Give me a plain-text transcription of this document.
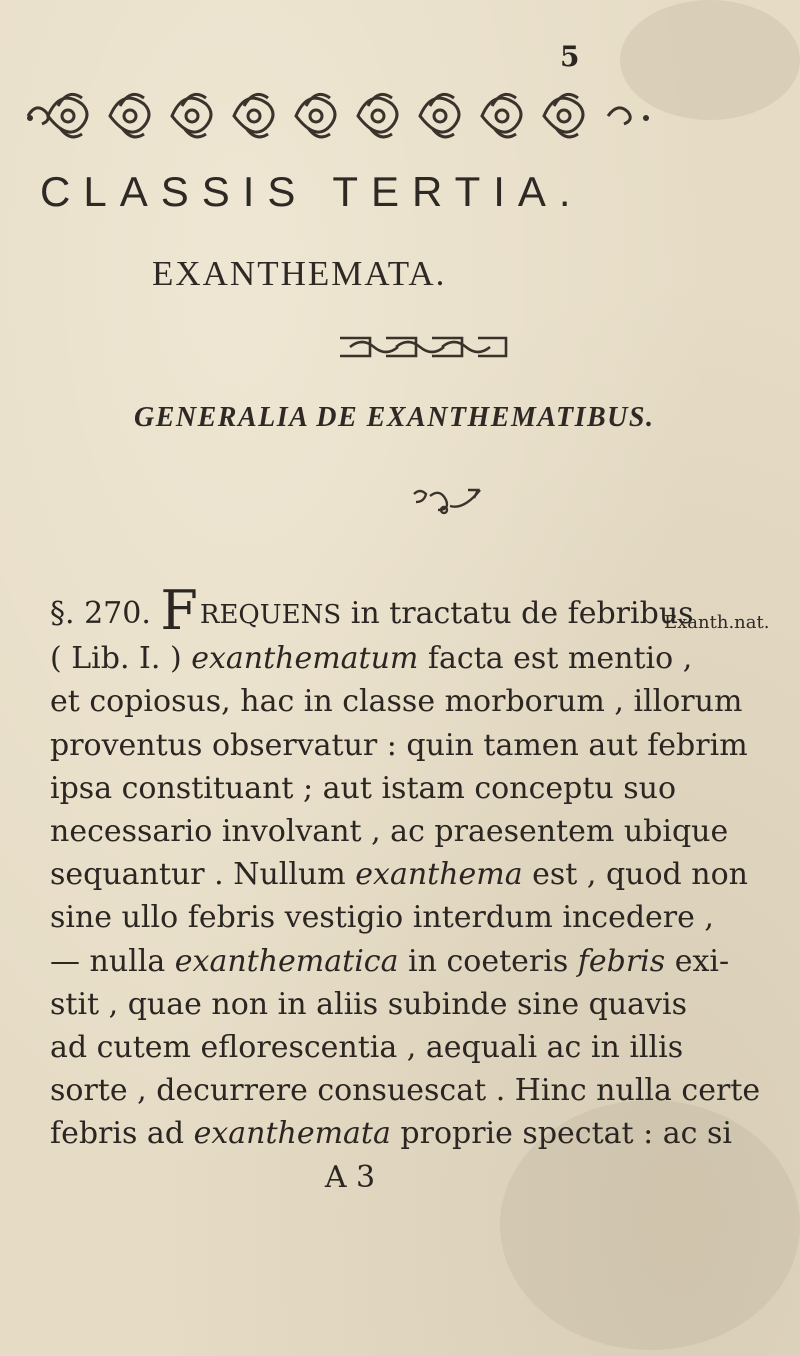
5
CLASSIS TERTIA.
EXANTHEMATA.
GENERALIA DE EXANTHEMATIBUS.
Exanth.nat.
§. 270. FREQUENS in tractatu de febribus
( Lib. I. ) exanthematum facta est mentio ,
et copiosus, hac in classe morborum , illorum
proventus observatur : quin tamen aut febrim
ipsa constituant ; aut istam conceptu suo
necessario involvant , ac praesentem ubique
sequantur . Nullum exanthema est , quod non
sine ullo febris vestigio interdum incedere ,
— nulla exanthematica in coeteris febris exi-
stit , quae non in aliis subinde sine quavis
ad cutem eflorescentia , aequali ac in illis
sorte , decurrere consuescat . Hinc nulla certe
febris ad exanthemata proprie spectat : ac si
A 3
